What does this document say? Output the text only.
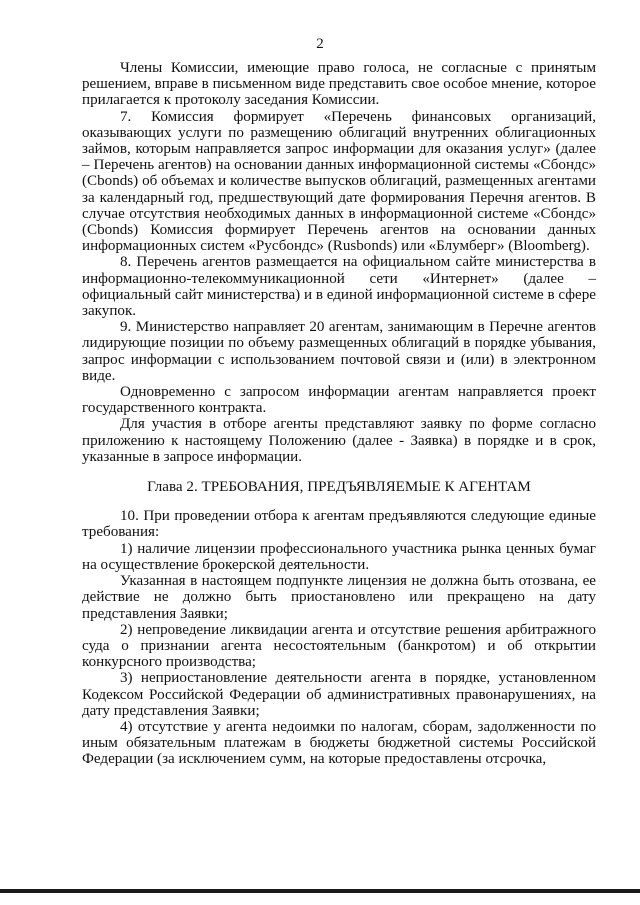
2

Члены Комиссии, имеющие право голоса, не согласные с принятым решением, вправе в письменном виде представить свое особое мнение, которое прилагается к протоколу заседания Комиссии.

7. Комиссия формирует «Перечень финансовых организаций, оказывающих услуги по размещению облигаций внутренних облигационных займов, которым направляется запрос информации для оказания услуг» (далее – Перечень агентов) на основании данных информационной системы «Сбондс» (Cbonds) об объемах и количестве выпусков облигаций, размещенных агентами за календарный год, предшествующий дате формирования Перечня агентов. В случае отсутствия необходимых данных в информационной системе «Сбондс» (Cbonds) Комиссия формирует Перечень агентов на основании данных информационных систем «Русбондс» (Rusbonds) или «Блумберг» (Bloomberg).

8. Перечень агентов размещается на официальном сайте министерства в информационно-телекоммуникационной сети «Интернет» (далее – официальный сайт министерства) и в единой информационной системе в сфере закупок.

9. Министерство направляет 20 агентам, занимающим в Перечне агентов лидирующие позиции по объему размещенных облигаций в порядке убывания, запрос информации с использованием почтовой связи и (или) в электронном виде.

Одновременно с запросом информации агентам направляется проект государственного контракта.

Для участия в отборе агенты представляют заявку по форме согласно приложению к настоящему Положению (далее - Заявка) в порядке и в срок, указанные в запросе информации.

Глава 2. ТРЕБОВАНИЯ, ПРЕДЪЯВЛЯЕМЫЕ К АГЕНТАМ

10. При проведении отбора к агентам предъявляются следующие единые требования:

1) наличие лицензии профессионального участника рынка ценных бумаг на осуществление брокерской деятельности.

Указанная в настоящем подпункте лицензия не должна быть отозвана, ее действие не должно быть приостановлено или прекращено на дату представления Заявки;

2) непроведение ликвидации агента и отсутствие решения арбитражного суда о признании агента несостоятельным (банкротом) и об открытии конкурсного производства;

3) неприостановление деятельности агента в порядке, установленном Кодексом Российской Федерации об административных правонарушениях, на дату представления Заявки;

4) отсутствие у агента недоимки по налогам, сборам, задолженности по иным обязательным платежам в бюджеты бюджетной системы Российской Федерации (за исключением сумм, на которые предоставлены отсрочка,
